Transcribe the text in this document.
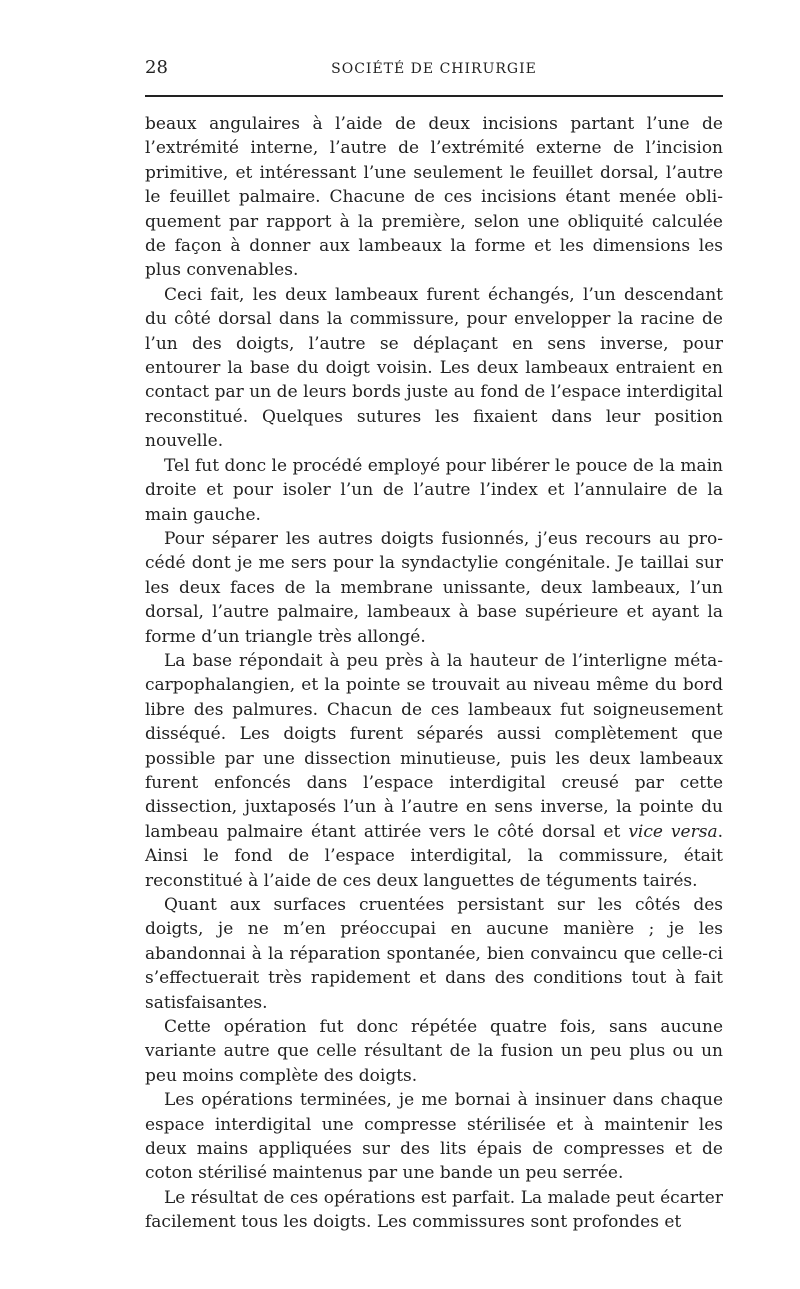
28	SOCIÉTÉ DE CHIRURGIE

beaux angulaires à l’aide de deux incisions partant l’une de l’extrémité interne, l’autre de l’extrémité externe de l’incision primitive, et intéressant l’une seulement le feuillet dorsal, l’autre le feuillet palmaire. Chacune de ces incisions étant menée obliquement par rapport à la première, selon une obliquité calculée de façon à donner aux lambeaux la forme et les dimensions les plus convenables.

Ceci fait, les deux lambeaux furent échangés, l’un descendant du côté dorsal dans la commissure, pour envelopper la racine de l’un des doigts, l’autre se déplaçant en sens inverse, pour entourer la base du doigt voisin. Les deux lambeaux entraient en contact par un de leurs bords juste au fond de l’espace interdigital reconstitué. Quelques sutures les fixaient dans leur position nouvelle.

Tel fut donc le procédé employé pour libérer le pouce de la main droite et pour isoler l’un de l’autre l’index et l’annulaire de la main gauche.

Pour séparer les autres doigts fusionnés, j’eus recours au procédé dont je me sers pour la syndactylie congénitale. Je taillai sur les deux faces de la membrane unissante, deux lambeaux, l’un dorsal, l’autre palmaire, lambeaux à base supérieure et ayant la forme d’un triangle très allongé.

La base répondait à peu près à la hauteur de l’interligne métacarpophalangien, et la pointe se trouvait au niveau même du bord libre des palmures. Chacun de ces lambeaux fut soigneusement disséqué. Les doigts furent séparés aussi complètement que possible par une dissection minutieuse, puis les deux lambeaux furent enfoncés dans l’espace interdigital creusé par cette dissection, juxtaposés l’un à l’autre en sens inverse, la pointe du lambeau palmaire étant attirée vers le côté dorsal et vice versa. Ainsi le fond de l’espace interdigital, la commissure, était reconstitué à l’aide de ces deux languettes de téguments tairés.

Quant aux surfaces cruentées persistant sur les côtés des doigts, je ne m’en préoccupai en aucune manière ; je les abandonnai à la réparation spontanée, bien convaincu que celle-ci s’effectuerait très rapidement et dans des conditions tout à fait satisfaisantes.

Cette opération fut donc répétée quatre fois, sans aucune variante autre que celle résultant de la fusion un peu plus ou un peu moins complète des doigts.

Les opérations terminées, je me bornai à insinuer dans chaque espace interdigital une compresse stérilisée et à maintenir les deux mains appliquées sur des lits épais de compresses et de coton stérilisé maintenus par une bande un peu serrée.

Le résultat de ces opérations est parfait. La malade peut écarter facilement tous les doigts. Les commissures sont profondes et
